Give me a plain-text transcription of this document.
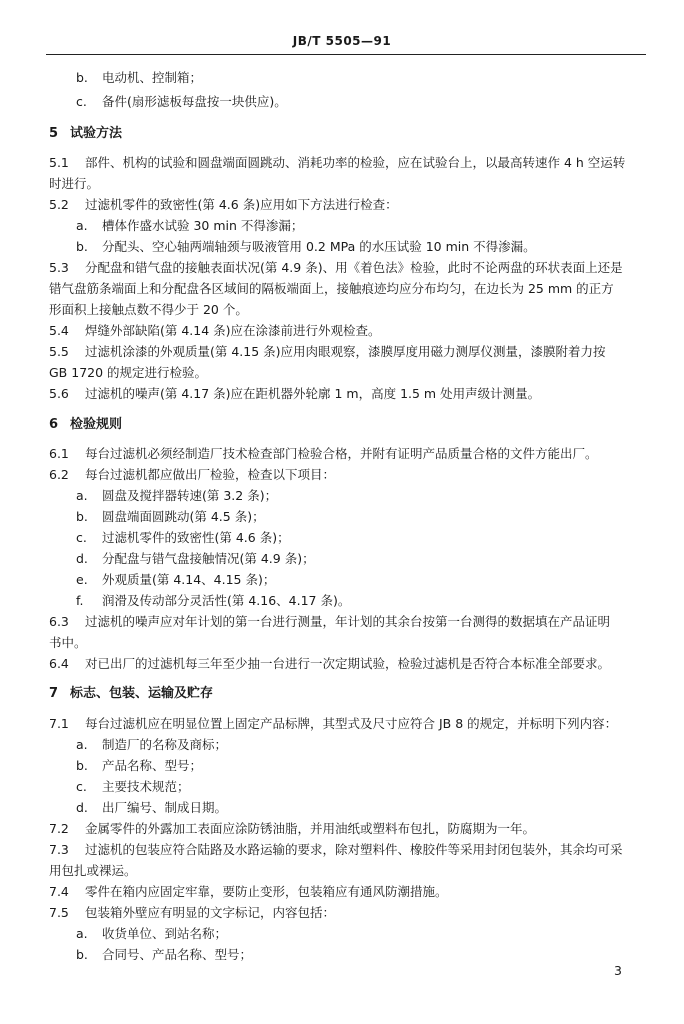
JB/T 5505—91
b. 电动机、控制箱；
c. 备件(扇形滤板每盘按一块供应)。
5 试验方法
5.1 部件、机构的试验和圆盘端面圆跳动、消耗功率的检验，应在试验台上，以最高转速作 4 h 空运转
时进行。
5.2 过滤机零件的致密性(第 4.6 条)应用如下方法进行检查：
a. 槽体作盛水试验 30 min 不得渗漏；
b. 分配头、空心轴两端轴颈与吸液管用 0.2 MPa 的水压试验 10 min 不得渗漏。
5.3 分配盘和错气盘的接触表面状况(第 4.9 条)、用《着色法》检验，此时不论两盘的环状表面上还是
错气盘筋条端面上和分配盘各区域间的隔板端面上，接触痕迹均应分布均匀，在边长为 25 mm 的正方
形面积上接触点数不得少于 20 个。
5.4 焊缝外部缺陷(第 4.14 条)应在涂漆前进行外观检查。
5.5 过滤机涂漆的外观质量(第 4.15 条)应用肉眼观察，漆膜厚度用磁力测厚仪测量，漆膜附着力按
GB 1720 的规定进行检验。
5.6 过滤机的噪声(第 4.17 条)应在距机器外轮廓 1 m，高度 1.5 m 处用声级计测量。
6 检验规则
6.1 每台过滤机必须经制造厂技术检查部门检验合格，并附有证明产品质量合格的文件方能出厂。
6.2 每台过滤机都应做出厂检验，检查以下项目：
a. 圆盘及搅拌器转速(第 3.2 条)；
b. 圆盘端面圆跳动(第 4.5 条)；
c. 过滤机零件的致密性(第 4.6 条)；
d. 分配盘与错气盘接触情况(第 4.9 条)；
e. 外观质量(第 4.14、4.15 条)；
f. 润滑及传动部分灵活性(第 4.16、4.17 条)。
6.3 过滤机的噪声应对年计划的第一台进行测量，年计划的其余台按第一台测得的数据填在产品证明
书中。
6.4 对已出厂的过滤机每三年至少抽一台进行一次定期试验，检验过滤机是否符合本标准全部要求。
7 标志、包装、运输及贮存
7.1 每台过滤机应在明显位置上固定产品标牌，其型式及尺寸应符合 JB 8 的规定，并标明下列内容：
a. 制造厂的名称及商标；
b. 产品名称、型号；
c. 主要技术规范；
d. 出厂编号、制成日期。
7.2 金属零件的外露加工表面应涂防锈油脂，并用油纸或塑料布包扎，防腐期为一年。
7.3 过滤机的包装应符合陆路及水路运输的要求，除对塑料件、橡胶件等采用封闭包装外，其余均可采
用包扎或裸运。
7.4 零件在箱内应固定牢靠，要防止变形，包装箱应有通风防潮措施。
7.5 包装箱外壁应有明显的文字标记，内容包括：
a. 收货单位、到站名称；
b. 合同号、产品名称、型号；
3
